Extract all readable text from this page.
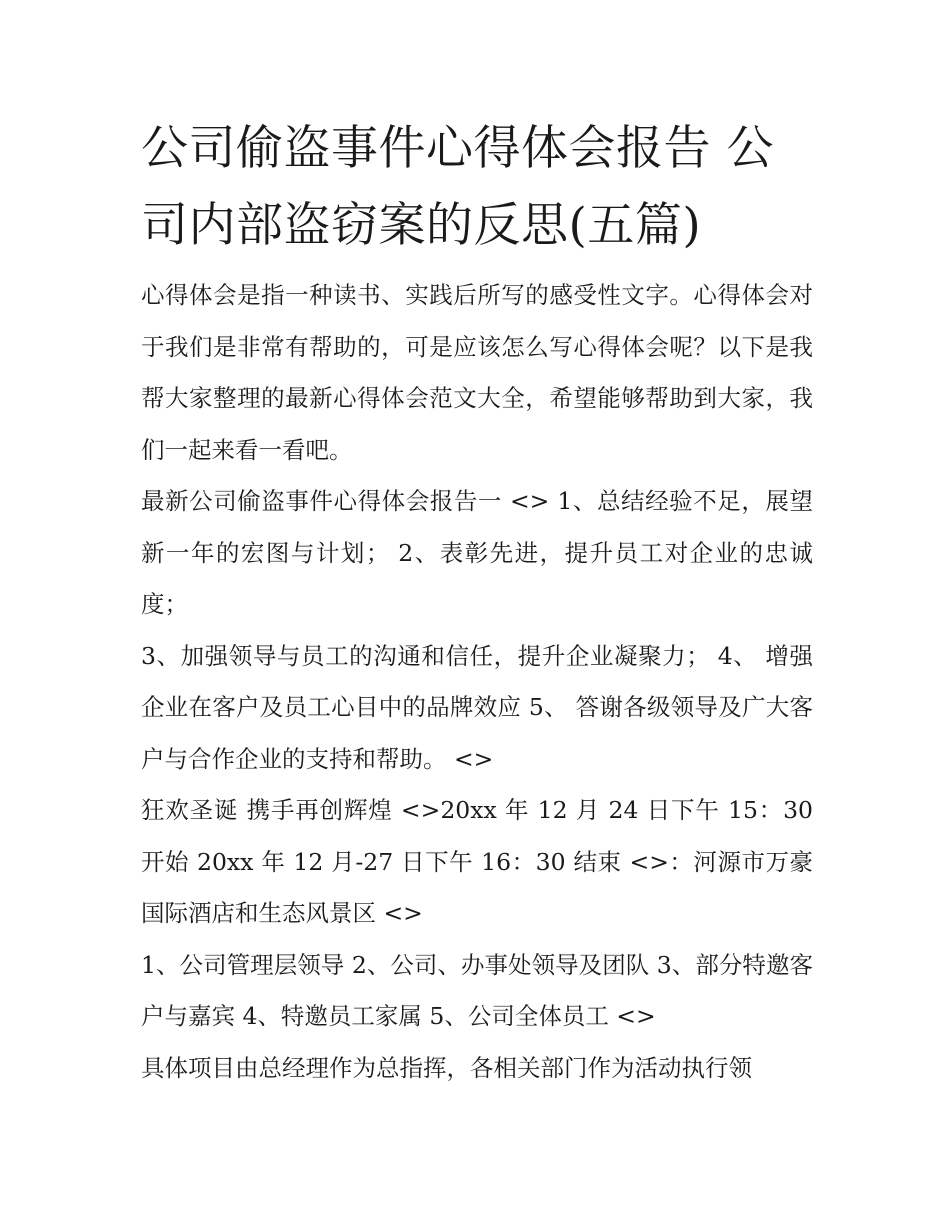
公司偷盗事件心得体会报告 公司内部盗窃案的反思(五篇)

心得体会是指一种读书、实践后所写的感受性文字。心得体会对于我们是非常有帮助的，可是应该怎么写心得体会呢？以下是我帮大家整理的最新心得体会范文大全，希望能够帮助到大家，我们一起来看一看吧。

最新公司偷盗事件心得体会报告一 <> 1、总结经验不足，展望新一年的宏图与计划； 2、表彰先进，提升员工对企业的忠诚度；

3、加强领导与员工的沟通和信任，提升企业凝聚力； 4、 增强企业在客户及员工心目中的品牌效应 5、 答谢各级领导及广大客户与合作企业的支持和帮助。 <>

狂欢圣诞 携手再创辉煌 <>20xx 年 12 月 24 日下午 15：30 开始 20xx 年 12 月-27 日下午 16：30 结束 <>：河源市万豪国际酒店和生态风景区 <>

1、公司管理层领导 2、公司、办事处领导及团队 3、部分特邀客户与嘉宾 4、特邀员工家属 5、公司全体员工 <>

具体项目由总经理作为总指挥，各相关部门作为活动执行领
